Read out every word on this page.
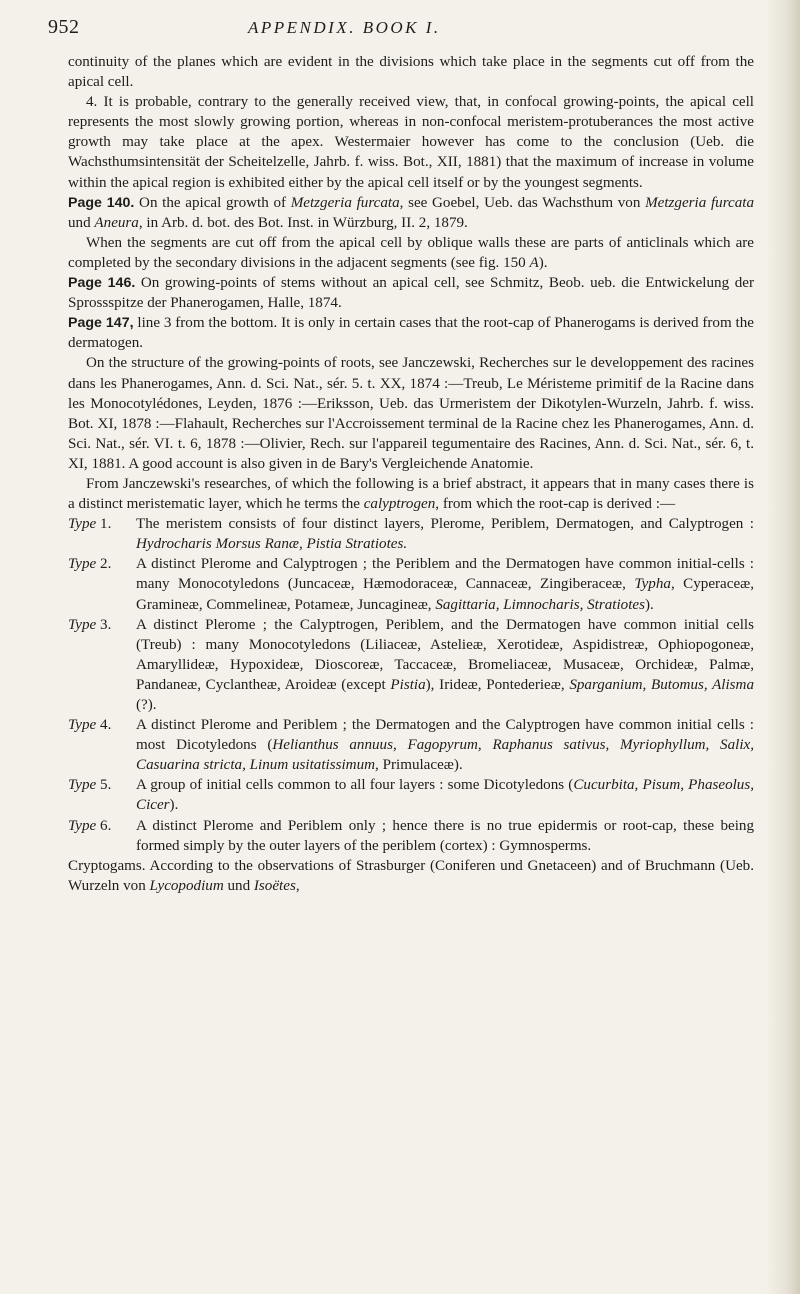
952	APPENDIX. BOOK I.

continuity of the planes which are evident in the divisions which take place in the segments cut off from the apical cell.

4. It is probable, contrary to the generally received view, that, in confocal growing-points, the apical cell represents the most slowly growing portion, whereas in non-confocal meristem-protuberances the most active growth may take place at the apex. Westermaier however has come to the conclusion (Ueb. die Wachsthumsintensität der Scheitelzelle, Jahrb. f. wiss. Bot., XII, 1881) that the maximum of increase in volume within the apical region is exhibited either by the apical cell itself or by the youngest segments.

Page 140. On the apical growth of Metzgeria furcata, see Goebel, Ueb. das Wachsthum von Metzgeria furcata und Aneura, in Arb. d. bot. des Bot. Inst. in Würzburg, II. 2, 1879.

When the segments are cut off from the apical cell by oblique walls these are parts of anticlinals which are completed by the secondary divisions in the adjacent segments (see fig. 150 A).

Page 146. On growing-points of stems without an apical cell, see Schmitz, Beob. ueb. die Entwickelung der Sprossspitze der Phanerogamen, Halle, 1874.

Page 147, line 3 from the bottom. It is only in certain cases that the root-cap of Phanerogams is derived from the dermatogen.

On the structure of the growing-points of roots, see Janczewski, Recherches sur le developpement des racines dans les Phanerogames, Ann. d. Sci. Nat., sér. 5. t. XX, 1874 :—Treub, Le Méristeme primitif de la Racine dans les Monocotylédones, Leyden, 1876 :—Eriksson, Ueb. das Urmeristem der Dikotylen-Wurzeln, Jahrb. f. wiss. Bot. XI, 1878 :—Flahault, Recherches sur l'Accroissement terminal de la Racine chez les Phanerogames, Ann. d. Sci. Nat., sér. VI. t. 6, 1878 :—Olivier, Rech. sur l'appareil tegumentaire des Racines, Ann. d. Sci. Nat., sér. 6, t. XI, 1881. A good account is also given in de Bary's Vergleichende Anatomie.

From Janczewski's researches, of which the following is a brief abstract, it appears that in many cases there is a distinct meristematic layer, which he terms the calyptrogen, from which the root-cap is derived :—

Type 1.	The meristem consists of four distinct layers, Plerome, Periblem, Dermatogen, and Calyptrogen : Hydrocharis Morsus Ranæ, Pistia Stratiotes.
Type 2.	A distinct Plerome and Calyptrogen ; the Periblem and the Dermatogen have common initial-cells : many Monocotyledons (Juncaceæ, Hæmodoraceæ, Cannaceæ, Zingiberaceæ, Typha, Cyperaceæ, Gramineæ, Commelineæ, Potameæ, Juncagineæ, Sagittaria, Limnocharis, Stratiotes).
Type 3.	A distinct Plerome ; the Calyptrogen, Periblem, and the Dermatogen have common initial cells (Treub) : many Monocotyledons (Liliaceæ, Astelieæ, Xerotideæ, Aspidistreæ, Ophiopogoneæ, Amaryllideæ, Hypoxideæ, Dioscoreæ, Taccaceæ, Bromeliaceæ, Musaceæ, Orchideæ, Palmæ, Pandaneæ, Cyclantheæ, Aroideæ (except Pistia), Irideæ, Pontederieæ, Sparganium, Butomus, Alisma (?).
Type 4.	A distinct Plerome and Periblem ; the Dermatogen and the Calyptrogen have common initial cells : most Dicotyledons (Helianthus annuus, Fagopyrum, Raphanus sativus, Myriophyllum, Salix, Casuarina stricta, Linum usitatissimum, Primulaceæ).
Type 5.	A group of initial cells common to all four layers : some Dicotyledons (Cucurbita, Pisum, Phaseolus, Cicer).
Type 6.	A distinct Plerome and Periblem only ; hence there is no true epidermis or root-cap, these being formed simply by the outer layers of the periblem (cortex) : Gymnosperms.

Cryptogams. According to the observations of Strasburger (Coniferen und Gnetaceen) and of Bruchmann (Ueb. Wurzeln von Lycopodium und Isoëtes,
